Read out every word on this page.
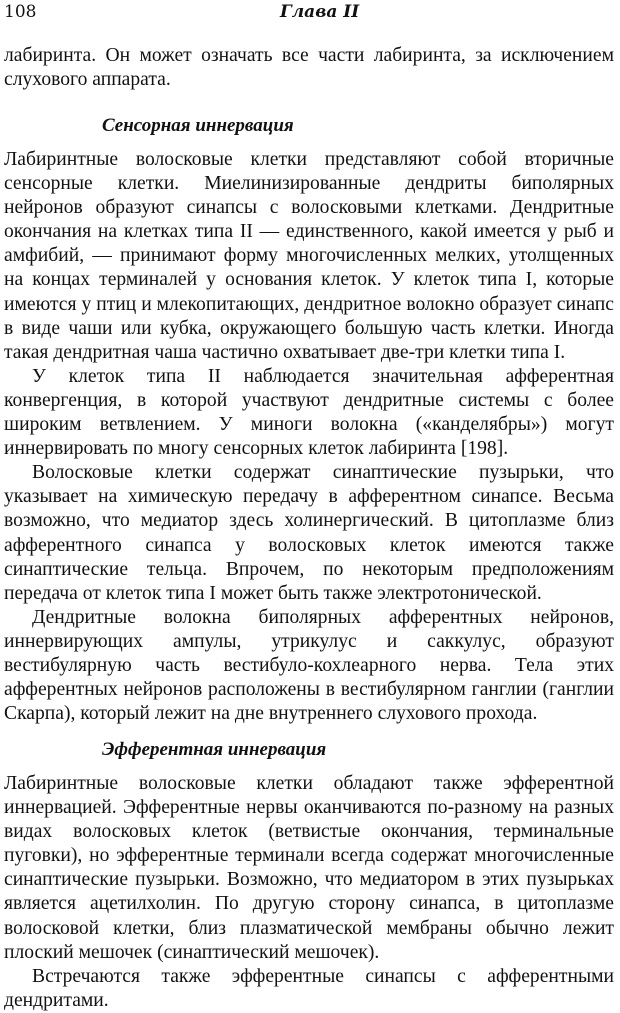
108	Глава II

лабиринта. Он может означать все части лабиринта, за исключением слухового аппарата.

Сенсорная иннервация

Лабиринтные волосковые клетки представляют собой вторичные сенсорные клетки. Миелинизированные дендриты биполярных нейронов образуют синапсы с волосковыми клетками. Дендритные окончания на клетках типа II — единственного, какой имеется у рыб и амфибий, — принимают форму многочисленных мелких, утолщенных на концах терминалей у основания клеток. У клеток типа I, которые имеются у птиц и млекопитающих, дендритное волокно образует синапс в виде чаши или кубка, окружающего большую часть клетки. Иногда такая дендритная чаша частично охватывает две-три клетки типа I.

У клеток типа II наблюдается значительная афферентная конвергенция, в которой участвуют дендритные системы с более широким ветвлением. У миноги волокна («канделябры») могут иннервировать по многу сенсорных клеток лабиринта [198].

Волосковые клетки содержат синаптические пузырьки, что указывает на химическую передачу в афферентном синапсе. Весьма возможно, что медиатор здесь холинергический. В цитоплазме близ афферентного синапса у волосковых клеток имеются также синаптические тельца. Впрочем, по некоторым предположениям передача от клеток типа I может быть также электротонической.

Дендритные волокна биполярных афферентных нейронов, иннервирующих ампулы, утрикулус и саккулус, образуют вестибулярную часть вестибуло-кохлеарного нерва. Тела этих афферентных нейронов расположены в вестибулярном ганглии (ганглии Скарпа), который лежит на дне внутреннего слухового прохода.

Эфферентная иннервация

Лабиринтные волосковые клетки обладают также эфферентной иннервацией. Эфферентные нервы оканчиваются по-разному на разных видах волосковых клеток (ветвистые окончания, терминальные пуговки), но эфферентные терминали всегда содержат многочисленные синаптические пузырьки. Возможно, что медиатором в этих пузырьках является ацетилхолин. По другую сторону синапса, в цитоплазме волосковой клетки, близ плазматической мембраны обычно лежит плоский мешочек (синаптический мешочек).

Встречаются также эфферентные синапсы с афферентными дендритами.
